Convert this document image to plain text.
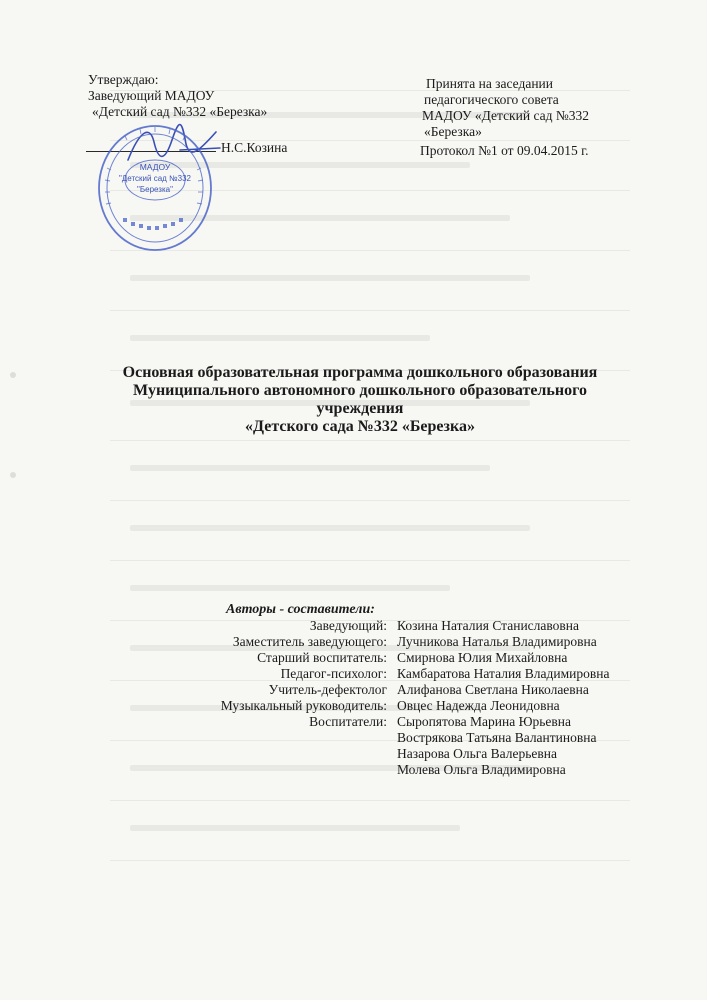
Утверждаю:
Заведующий МАДОУ
«Детский сад №332 «Березка»
Н.С.Козина
МАДОУ
"Детский сад №332
"Березка"
Принята на заседании
педагогического совета
МАДОУ «Детский сад №332
«Березка»
Протокол №1 от 09.04.2015 г.
Основная образовательная программа дошкольного образования
Муниципального автономного дошкольного образовательного
учреждения
«Детского сада №332 «Березка»
Авторы - составители:
Заведующий:
Заместитель заведующего:
Старший воспитатель:
Педагог-психолог:
Учитель-дефектолог
Музыкальный руководитель:
Воспитатели:
Козина Наталия Станиславовна
Лучникова Наталья Владимировна
Смирнова Юлия Михайловна
Камбаратова Наталия Владимировна
Алифанова Светлана Николаевна
Овцес Надежда Леонидовна
Сыропятова Марина Юрьевна
Вострякова Татьяна Валантиновна
Назарова Ольга Валерьевна
Молева Ольга Владимировна
